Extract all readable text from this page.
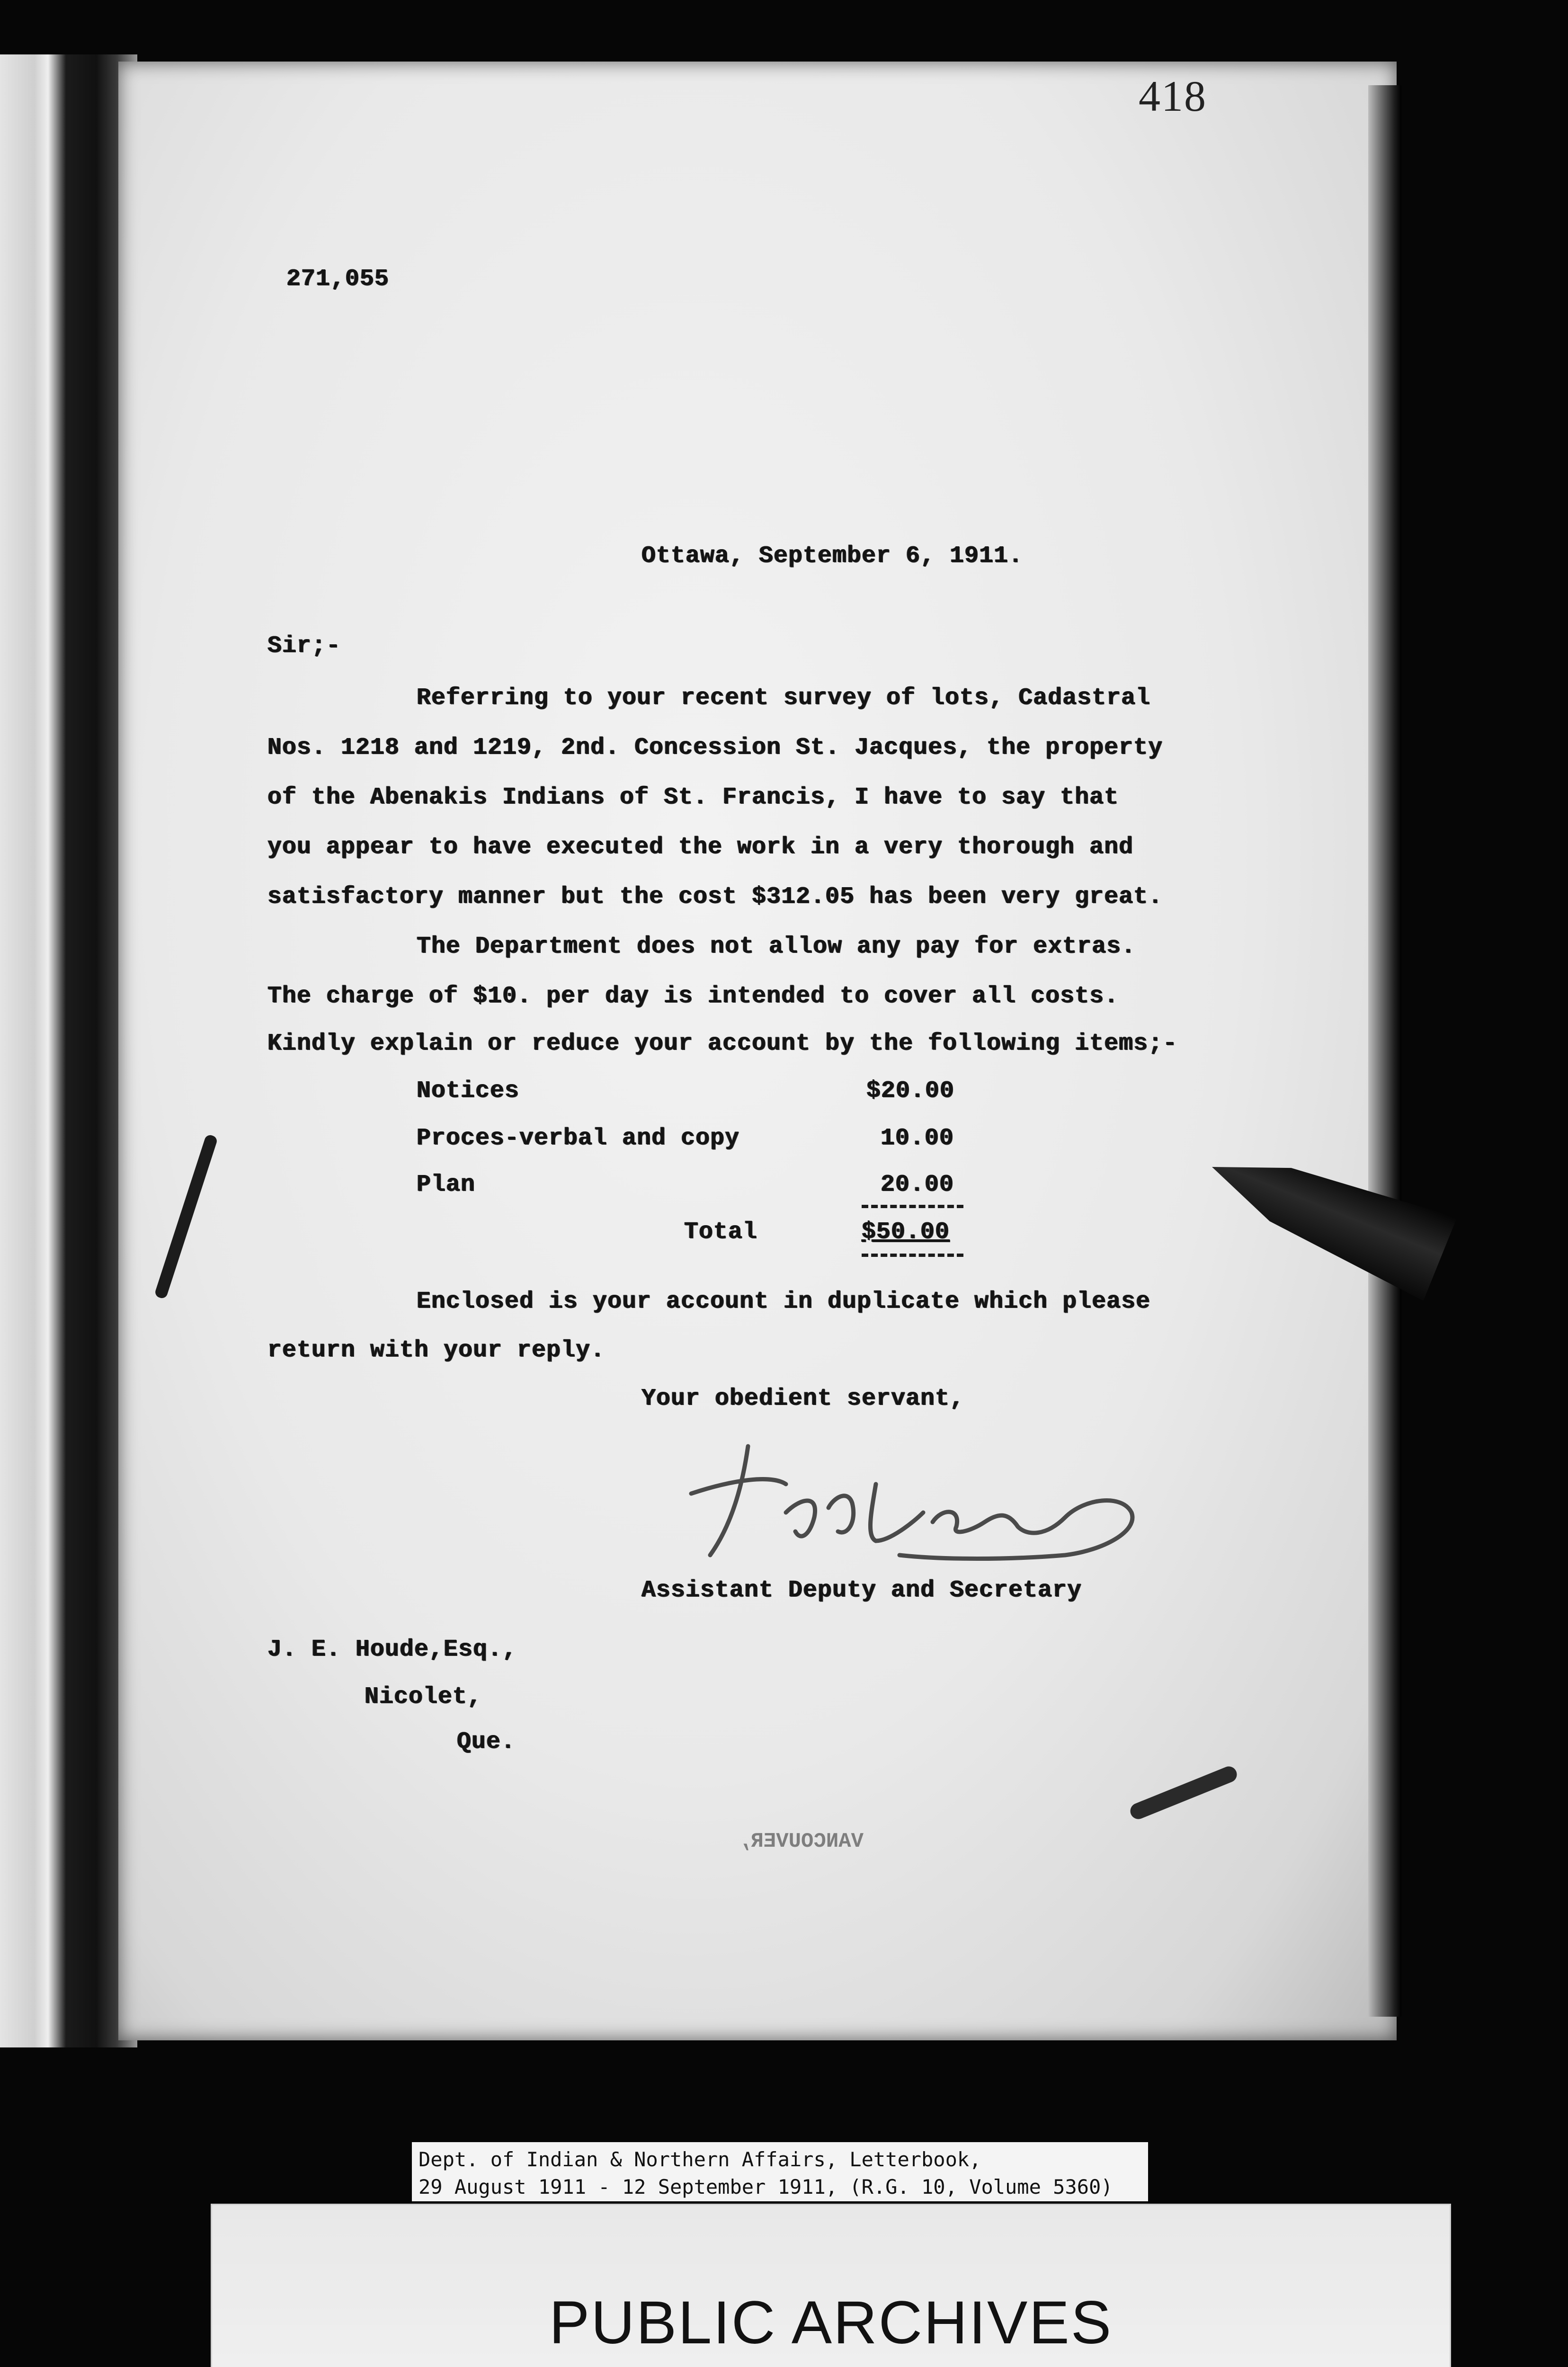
418
271,055
Ottawa, September 6, 1911.
Sir;-
Referring to your recent survey of lots, Cadastral
Nos. 1218 and 1219, 2nd. Concession St. Jacques, the property
of the Abenakis Indians of St. Francis, I have to say that
you appear to have executed the work in a very thorough and
satisfactory manner but the cost $312.05 has been very great.
The Department does not allow any pay for extras.
The charge of $10. per day is intended to cover all costs.
Kindly explain or reduce your account by the following items;-
Notices	$20.00
Proces-verbal and copy	10.00
Plan	20.00
Total	$50.00
Enclosed is your account in duplicate which please
return with your reply.
Your obedient servant,
Assistant Deputy and Secretary
J. E. Houde,Esq.,
Nicolet,
Que.
VANCOUVER,
Dept. of Indian & Northern Affairs, Letterbook,
29 August 1911 - 12 September 1911, (R.G. 10, Volume 5360)
PUBLIC ARCHIVES
